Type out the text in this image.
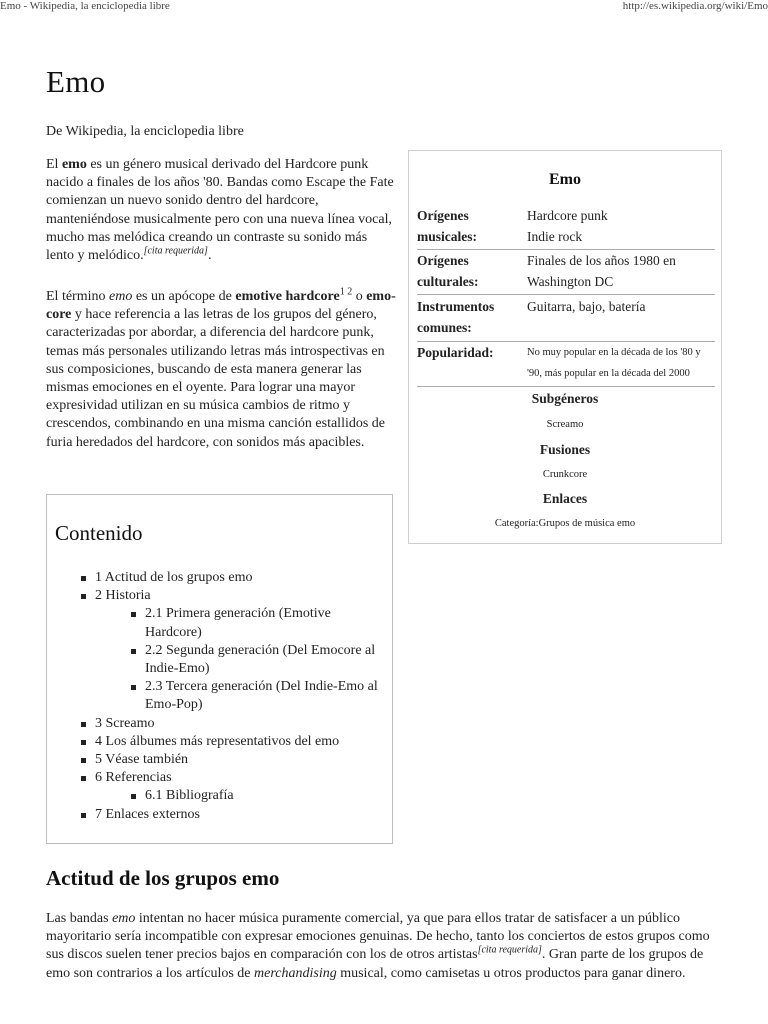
Emo - Wikipedia, la enciclopedia libre	http://es.wikipedia.org/wiki/Emo
Emo
De Wikipedia, la enciclopedia libre

El emo es un género musical derivado del Hardcore punk nacido a finales de los años '80. Bandas como Escape the Fate comienzan un nuevo sonido dentro del hardcore, manteniéndose musicalmente pero con una nueva línea vocal, mucho mas melódica creando un contraste su sonido más lento y melódico.[cita requerida].

El término emo es un apócope de emotive hardcore$^{1 2}$ o emo-core y hace referencia a las letras de los grupos del género, caracterizadas por abordar, a diferencia del hardcore punk, temas más personales utilizando letras más introspectivas en sus composiciones, buscando de esta manera generar las mismas emociones en el oyente. Para lograr una mayor expresividad utilizan en su música cambios de ritmo y crescendos, combinando en una misma canción estallidos de furia heredados del hardcore, con sonidos más apacibles.

Contenido
1 Actitud de los grupos emo
2 Historia
2.1 Primera generación (Emotive Hardcore)
2.2 Segunda generación (Del Emocore al Indie-Emo)
2.3 Tercera generación (Del Indie-Emo al Emo-Pop)
3 Screamo
4 Los álbumes más representativos del emo
5 Véase también
6 Referencias
6.1 Bibliografía
7 Enlaces externos
Emo
Orígenes musicales:
Hardcore punk
Indie rock
Orígenes culturales:
Finales de los años 1980 en Washington DC
Instrumentos comunes:
Guitarra, bajo, batería
Popularidad:	No muy popular en la década de los '80 y '90, más popular en la década del 2000
Subgéneros
Screamo
Fusiones
Crunkcore
Enlaces
Categoría:Grupos de música emo
Actitud de los grupos emo

Las bandas emo intentan no hacer música puramente comercial, ya que para ellos tratar de satisfacer a un público mayoritario sería incompatible con expresar emociones genuinas. De hecho, tanto los conciertos de estos grupos como sus discos suelen tener precios bajos en comparación con los de otros artistas[cita requerida]. Gran parte de los grupos de emo son contrarios a los artículos de merchandising musical, como camisetas u otros productos para ganar dinero.
